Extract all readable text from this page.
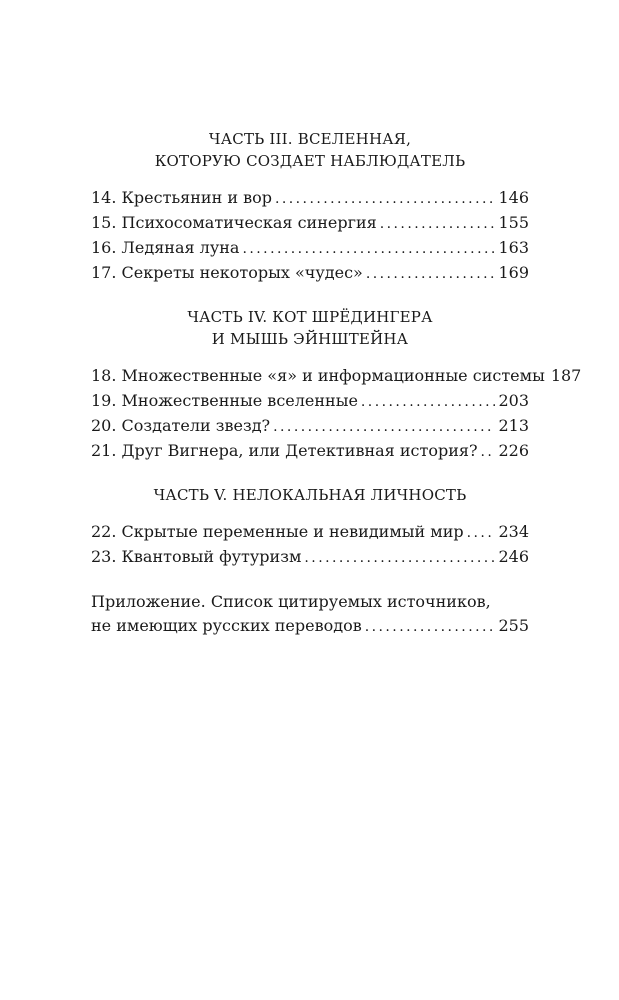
ЧАСТЬ III. ВСЕЛЕННАЯ,
КОТОРУЮ СОЗДАЕТ НАБЛЮДАТЕЛЬ
14. Крестьянин и вор . . .	146
15. Психосоматическая синергия . . .	155
16. Ледяная луна . . .	163
17. Секреты некоторых «чудес» . . .	169
ЧАСТЬ IV. КОТ ШРЁДИНГЕРА
И МЫШЬ ЭЙНШТЕЙНА
18. Множественные «я» и информационные системы 187
19. Множественные вселенные . . .	203
20. Создатели звезд? . . .	213
21. Друг Вигнера, или Детективная история? . . . 226
ЧАСТЬ V. НЕЛОКАЛЬНАЯ ЛИЧНОСТЬ
22. Скрытые переменные и невидимый мир . . . 234
23. Квантовый футуризм . . .	246
Приложение. Список цитируемых источников,
не имеющих русских переводов . . .	255
